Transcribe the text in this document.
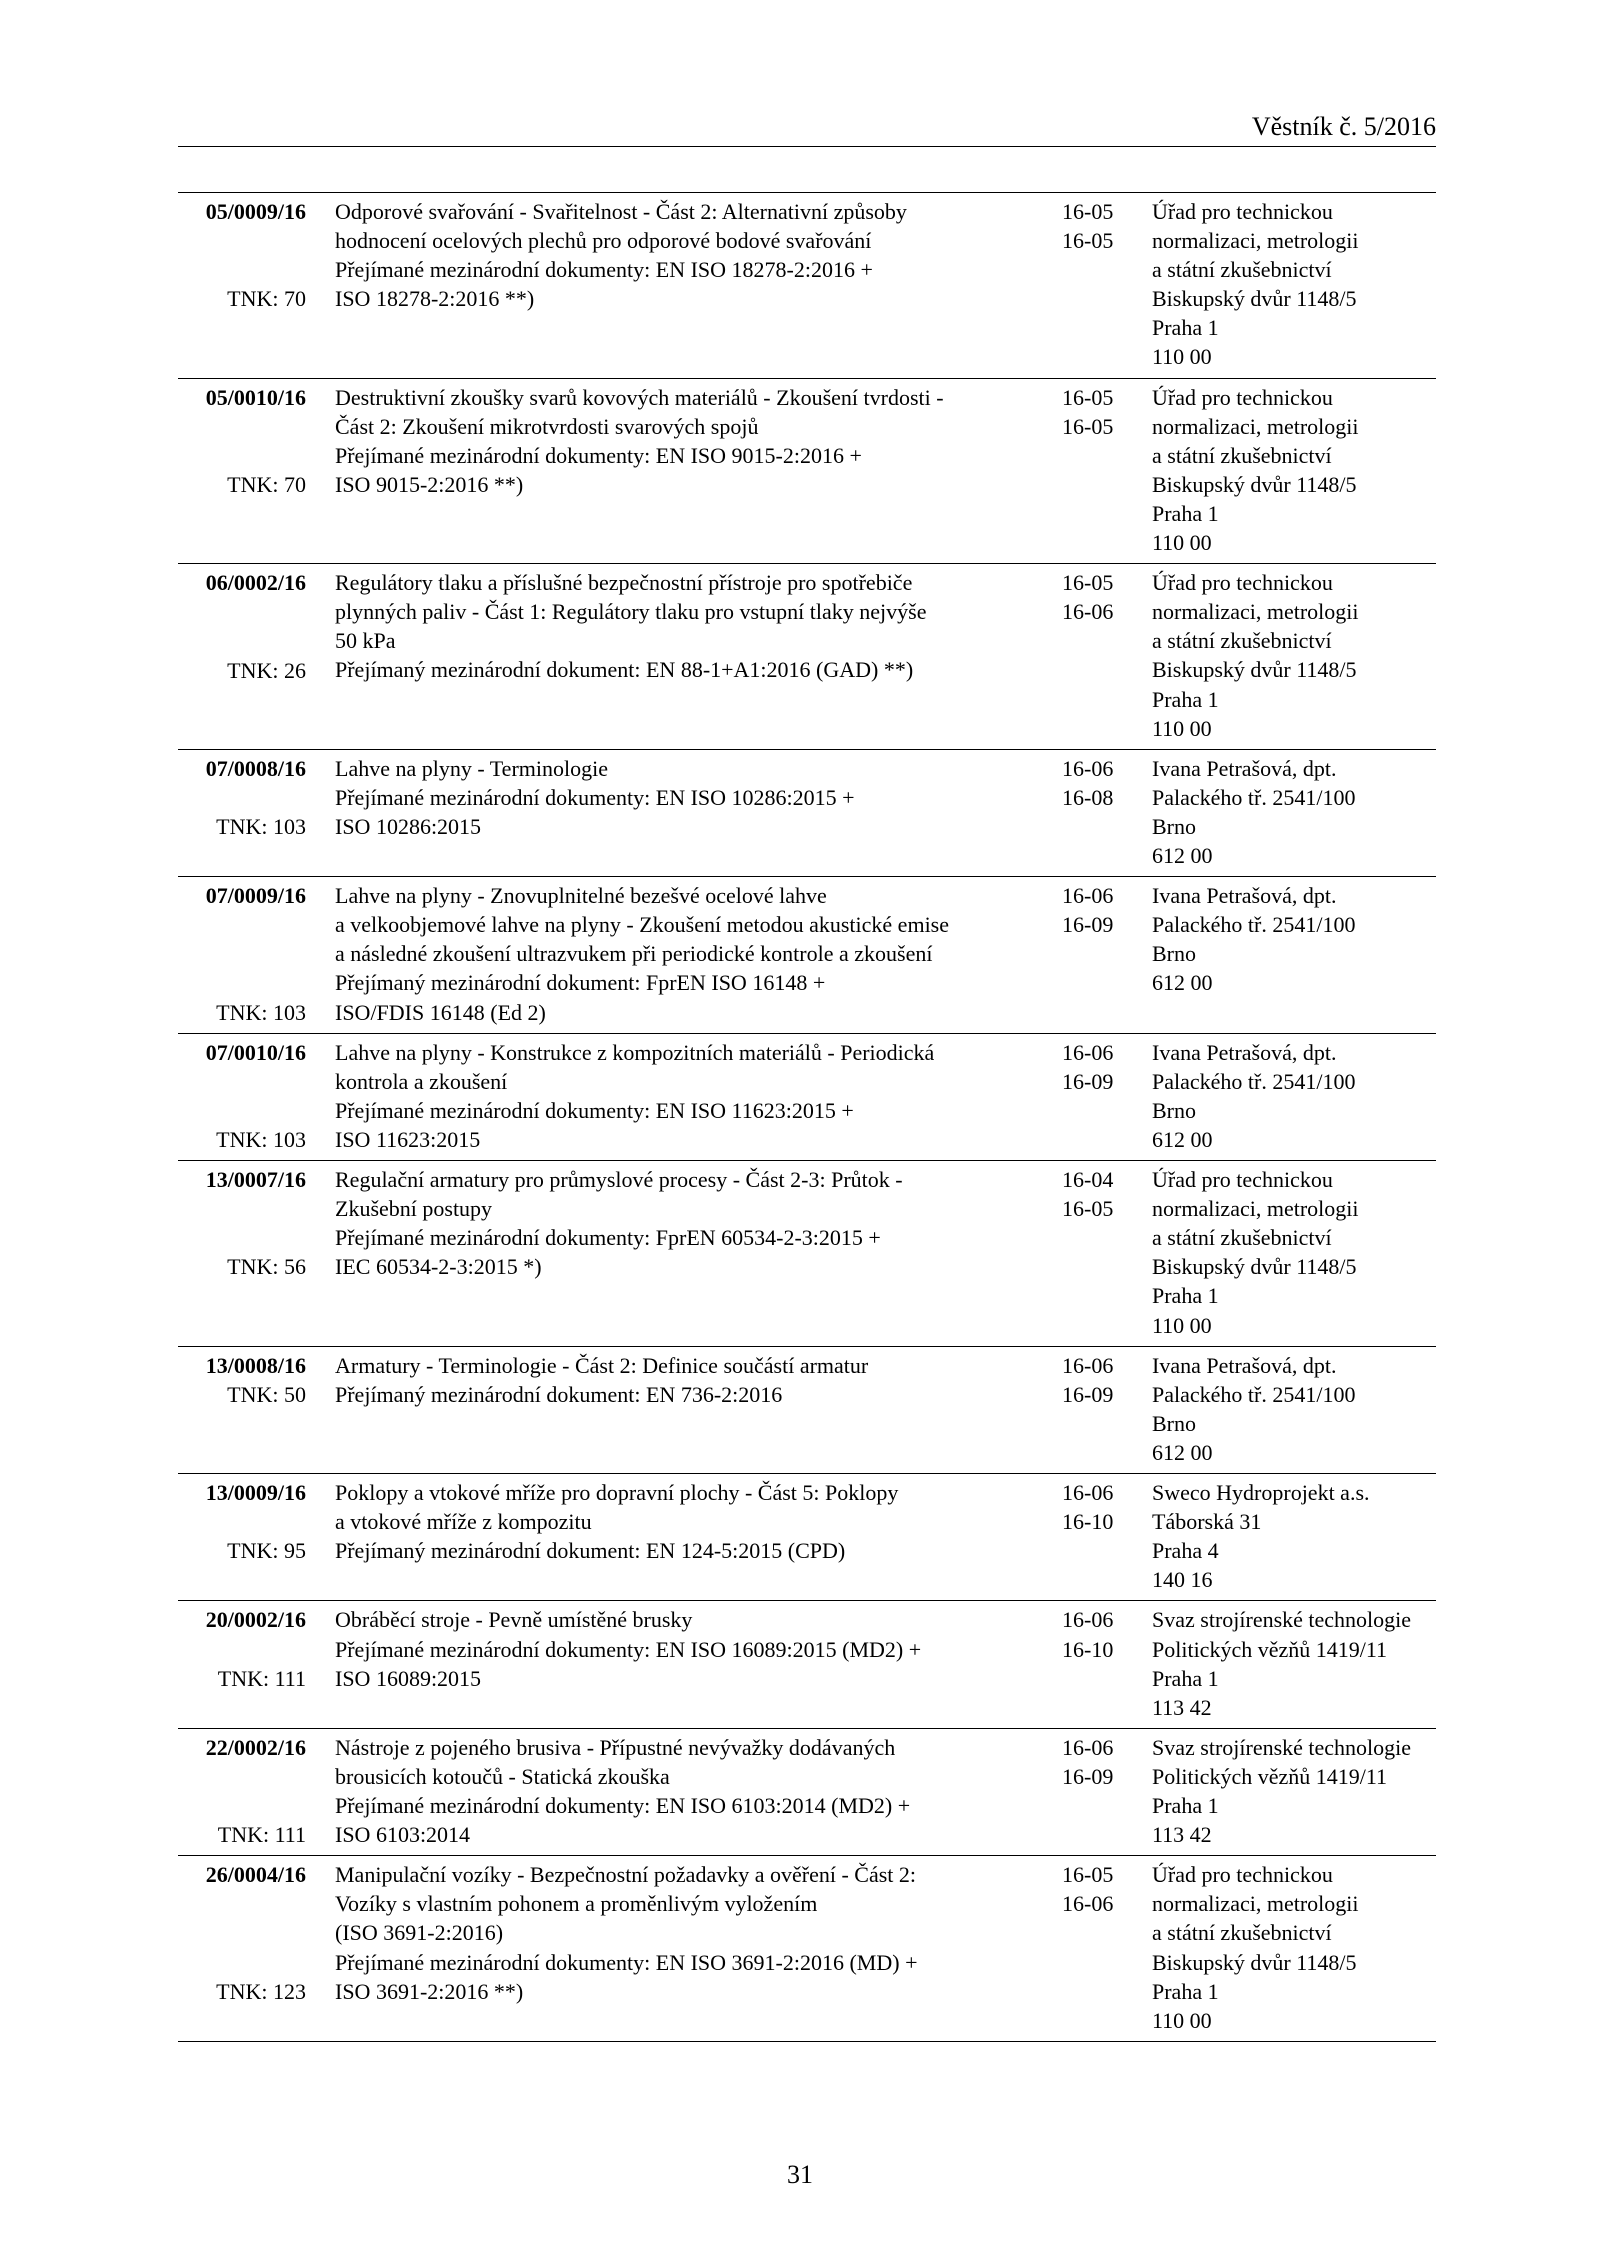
Věstník č. 5/2016
05/0009/16
TNK: 70
Odporové svařování - Svařitelnost - Část 2: Alternativní způsoby
hodnocení ocelových plechů pro odporové bodové svařování
Přejímané mezinárodní dokumenty: EN ISO 18278-2:2016 +
ISO 18278-2:2016 **)
16-05
16-05
Úřad pro technickou
normalizaci, metrologii
a státní zkušebnictví
Biskupský dvůr 1148/5
Praha 1
110 00
05/0010/16
TNK: 70
Destruktivní zkoušky svarů kovových materiálů - Zkoušení tvrdosti -
Část 2: Zkoušení mikrotvrdosti svarových spojů
Přejímané mezinárodní dokumenty: EN ISO 9015-2:2016 +
ISO 9015-2:2016 **)
16-05
16-05
Úřad pro technickou
normalizaci, metrologii
a státní zkušebnictví
Biskupský dvůr 1148/5
Praha 1
110 00
06/0002/16
TNK: 26
Regulátory tlaku a příslušné bezpečnostní přístroje pro spotřebiče
plynných paliv - Část 1: Regulátory tlaku pro vstupní tlaky nejvýše
50 kPa
Přejímaný mezinárodní dokument: EN 88-1+A1:2016 (GAD) **)
16-05
16-06
Úřad pro technickou
normalizaci, metrologii
a státní zkušebnictví
Biskupský dvůr 1148/5
Praha 1
110 00
07/0008/16
TNK: 103
Lahve na plyny - Terminologie
Přejímané mezinárodní dokumenty: EN ISO 10286:2015 +
ISO 10286:2015
16-06
16-08
Ivana Petrašová, dpt.
Palackého tř. 2541/100
Brno
612 00
07/0009/16
TNK: 103
Lahve na plyny - Znovuplnitelné bezešvé ocelové lahve
a velkoobjemové lahve na plyny - Zkoušení metodou akustické emise
a následné zkoušení ultrazvukem při periodické kontrole a zkoušení
Přejímaný mezinárodní dokument: FprEN ISO 16148 +
ISO/FDIS 16148 (Ed 2)
16-06
16-09
Ivana Petrašová, dpt.
Palackého tř. 2541/100
Brno
612 00
07/0010/16
TNK: 103
Lahve na plyny - Konstrukce z kompozitních materiálů - Periodická
kontrola a zkoušení
Přejímané mezinárodní dokumenty: EN ISO 11623:2015 +
ISO 11623:2015
16-06
16-09
Ivana Petrašová, dpt.
Palackého tř. 2541/100
Brno
612 00
13/0007/16
TNK: 56
Regulační armatury pro průmyslové procesy - Část 2-3: Průtok -
Zkušební postupy
Přejímané mezinárodní dokumenty: FprEN 60534-2-3:2015 +
IEC 60534-2-3:2015 *)
16-04
16-05
Úřad pro technickou
normalizaci, metrologii
a státní zkušebnictví
Biskupský dvůr 1148/5
Praha 1
110 00
13/0008/16
TNK: 50
Armatury - Terminologie - Část 2: Definice součástí armatur
Přejímaný mezinárodní dokument: EN 736-2:2016
16-06
16-09
Ivana Petrašová, dpt.
Palackého tř. 2541/100
Brno
612 00
13/0009/16
TNK: 95
Poklopy a vtokové mříže pro dopravní plochy - Část 5: Poklopy
a vtokové mříže z kompozitu
Přejímaný mezinárodní dokument: EN 124-5:2015 (CPD)
16-06
16-10
Sweco Hydroprojekt a.s.
Táborská 31
Praha 4
140 16
20/0002/16
TNK: 111
Obráběcí stroje - Pevně umístěné brusky
Přejímané mezinárodní dokumenty: EN ISO 16089:2015 (MD2) +
ISO 16089:2015
16-06
16-10
Svaz strojírenské technologie
Politických vězňů 1419/11
Praha 1
113 42
22/0002/16
TNK: 111
Nástroje z pojeného brusiva - Přípustné nevývažky dodávaných
brousicích kotoučů - Statická zkouška
Přejímané mezinárodní dokumenty: EN ISO 6103:2014 (MD2) +
ISO 6103:2014
16-06
16-09
Svaz strojírenské technologie
Politických vězňů 1419/11
Praha 1
113 42
26/0004/16
TNK: 123
Manipulační vozíky - Bezpečnostní požadavky a ověření - Část 2:
Vozíky s vlastním pohonem a proměnlivým vyložením
(ISO 3691-2:2016)
Přejímané mezinárodní dokumenty: EN ISO 3691-2:2016 (MD) +
ISO 3691-2:2016 **)
16-05
16-06
Úřad pro technickou
normalizaci, metrologii
a státní zkušebnictví
Biskupský dvůr 1148/5
Praha 1
110 00
31
